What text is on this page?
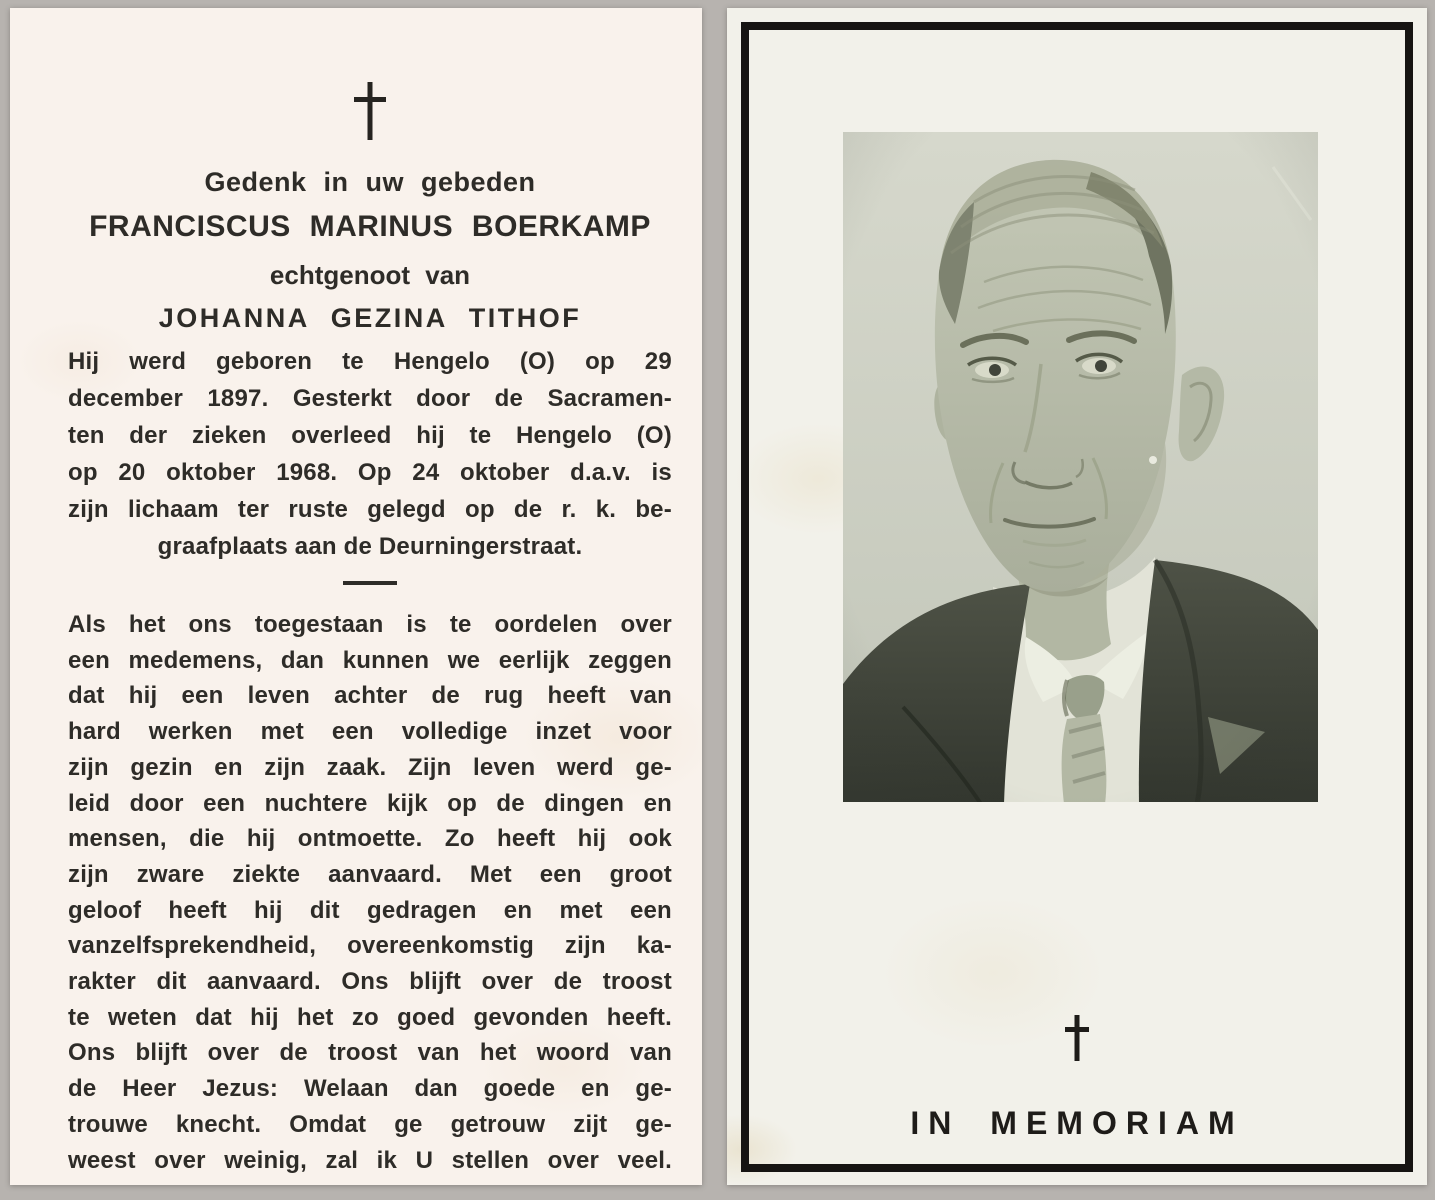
Gedenk in uw gebeden
FRANCISCUS MARINUS BOERKAMP
echtgenoot van
JOHANNA GEZINA TITHOF
Hij werd geboren te Hengelo (O) op 29
december 1897. Gesterkt door de Sacramen-
ten der zieken overleed hij te Hengelo (O)
op 20 oktober 1968. Op 24 oktober d.a.v. is
zijn lichaam ter ruste gelegd op de r. k. be-
graafplaats aan de Deurningerstraat.
Als het ons toegestaan is te oordelen over
een medemens, dan kunnen we eerlijk zeggen
dat hij een leven achter de rug heeft van
hard werken met een volledige inzet voor
zijn gezin en zijn zaak. Zijn leven werd ge-
leid door een nuchtere kijk op de dingen en
mensen, die hij ontmoette. Zo heeft hij ook
zijn zware ziekte aanvaard. Met een groot
geloof heeft hij dit gedragen en met een
vanzelfsprekendheid, overeenkomstig zijn ka-
rakter dit aanvaard. Ons blijft over de troost
te weten dat hij het zo goed gevonden heeft.
Ons blijft over de troost van het woord van
de Heer Jezus: Welaan dan goede en ge-
trouwe knecht. Omdat ge getrouw zijt ge-
weest over weinig, zal ik U stellen over veel.
IN MEMORIAM
